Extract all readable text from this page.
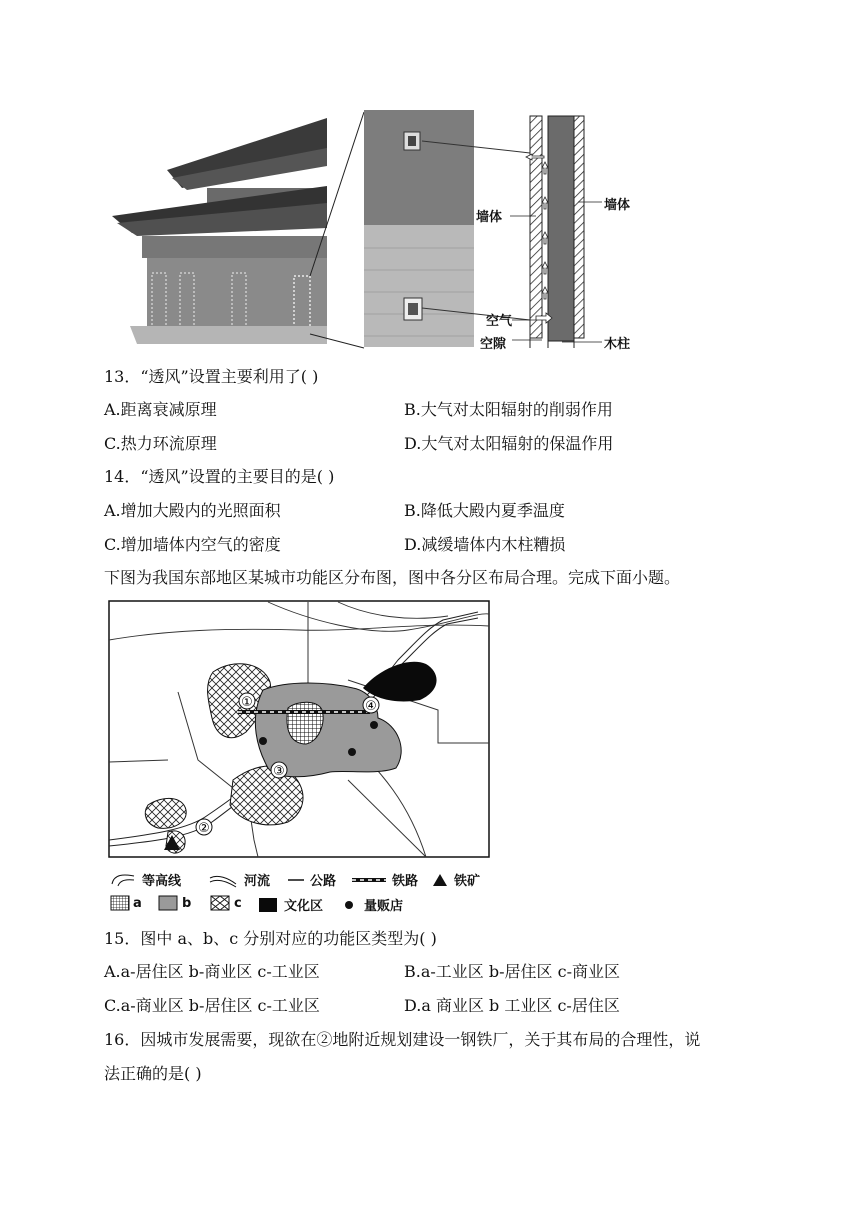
墙体
墙体
空气
空隙	木柱
13．“透风”设置主要利用了( )
A.距离衰减原理	B.大气对太阳辐射的削弱作用
C.热力环流原理	D.大气对太阳辐射的保温作用
14．“透风”设置的主要目的是( )
A.增加大殿内的光照面积	B.降低大殿内夏季温度
C.增加墙体内空气的密度	D.减缓墙体内木柱糟损
下图为我国东部地区某城市功能区分布图，图中各分区布局合理。完成下面小题。
①
②
③
④
等高线	河流	公路	铁路	铁矿
a	b	c	文化区	量贩店
15．图中 a、b、c 分别对应的功能区类型为( )
A.a-居住区 b-商业区 c-工业区	B.a-工业区 b-居住区 c-商业区
C.a-商业区 b-居住区 c-工业区	D.a 商业区 b 工业区 c-居住区
16．因城市发展需要，现欲在②地附近规划建设一钢铁厂，关于其布局的合理性，说
法正确的是( )
